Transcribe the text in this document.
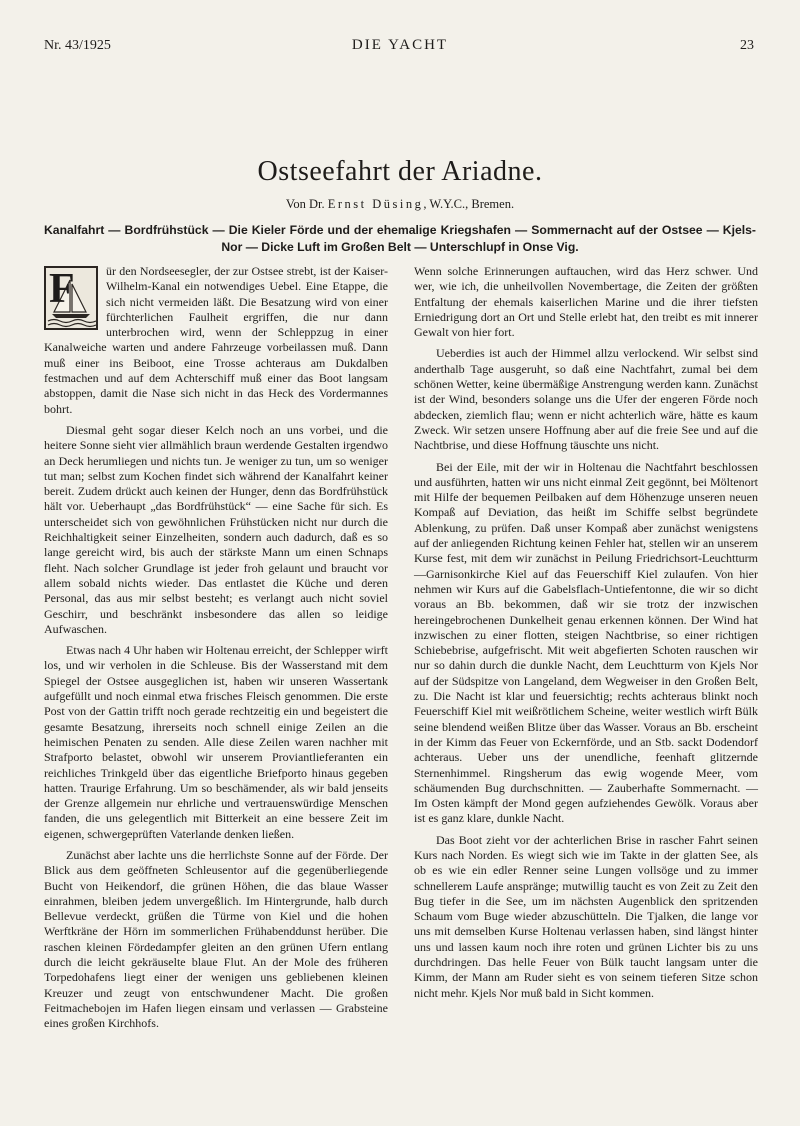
Nr. 43/1925	DIE YACHT	23
Ostseefahrt der Ariadne.
Von Dr. Ernst Düsing, W.Y.C., Bremen.
Kanalfahrt — Bordfrühstück — Die Kieler Förde und der ehemalige Kriegshafen — Sommernacht auf der Ostsee — Kjels-Nor — Dicke Luft im Großen Belt — Unterschlupf in Onse Vig.
F	ür den Nordseesegler, der zur Ostsee strebt, ist der Kaiser-Wilhelm-Kanal ein notwendiges Uebel. Eine Etappe, die sich nicht vermeiden läßt. Die Besatzung wird von einer fürchterlichen Faulheit ergriffen, die nur dann unterbrochen wird, wenn der Schleppzug in einer Kanalweiche warten und andere Fahrzeuge vorbeilassen muß. Dann muß einer ins Beiboot, eine Trosse achteraus am Dukdalben festmachen und auf dem Achterschiff muß einer das Boot langsam abstoppen, damit die Nase sich nicht in das Heck des Vordermannes bohrt.

Diesmal geht sogar dieser Kelch noch an uns vorbei, und die heitere Sonne sieht vier allmählich braun werdende Gestalten irgendwo an Deck herumliegen und nichts tun. Je weniger zu tun, um so weniger tut man; selbst zum Kochen findet sich während der Kanalfahrt keiner bereit. Zudem drückt auch keinen der Hunger, denn das Bordfrühstück hält vor. Ueberhaupt „das Bordfrühstück“ — eine Sache für sich. Es unterscheidet sich von gewöhnlichen Frühstücken nicht nur durch die Reichhaltigkeit seiner Einzelheiten, sondern auch dadurch, daß es so lange gereicht wird, bis auch der stärkste Mann um einen Schnaps fleht. Nach solcher Grundlage ist jeder froh gelaunt und braucht vor allem sobald nichts wieder. Das entlastet die Küche und deren Personal, das aus mir selbst besteht; es verlangt auch nicht soviel Geschirr, und beschränkt insbesondere das allen so leidige Aufwaschen.

Etwas nach 4 Uhr haben wir Holtenau erreicht, der Schlepper wirft los, und wir verholen in die Schleuse. Bis der Wasserstand mit dem Spiegel der Ostsee ausgeglichen ist, haben wir unseren Wassertank aufgefüllt und noch einmal etwa frisches Fleisch genommen. Die erste Post von der Gattin trifft noch gerade rechtzeitig ein und begeistert die gesamte Besatzung, ihrerseits noch schnell einige Zeilen an die heimischen Penaten zu senden. Alle diese Zeilen waren nachher mit Strafporto belastet, obwohl wir unserem Proviantlieferanten ein reichliches Trinkgeld über das eigentliche Briefporto hinaus gegeben hatten. Traurige Erfahrung. Um so beschämender, als wir bald jenseits der Grenze allgemein nur ehrliche und vertrauenswürdige Menschen fanden, die uns gelegentlich mit Bitterkeit an eine bessere Zeit im eigenen, schwergeprüften Vaterlande denken ließen.

Zunächst aber lachte uns die herrlichste Sonne auf der Förde. Der Blick aus dem geöffneten Schleusentor auf die gegenüberliegende Bucht von Heikendorf, die grünen Höhen, die das blaue Wasser einrahmen, bleiben jedem unvergeßlich. Im Hintergrunde, halb durch Bellevue verdeckt, grüßen die Türme von Kiel und die hohen Werftkräne der Hörn im sommerlichen Frühabenddunst herüber. Die raschen kleinen Fördedampfer gleiten an den grünen Ufern entlang durch die leicht gekräuselte blaue Flut. An der Mole des früheren Torpedohafens liegt einer der wenigen uns gebliebenen kleinen Kreuzer und zeugt von entschwundener Macht. Die großen Feitmachebojen im Hafen liegen einsam und verlassen — Grabsteine eines großen Kirchhofs.

Wenn solche Erinnerungen auftauchen, wird das Herz schwer. Und wer, wie ich, die unheilvollen Novembertage, die Zeiten der größten Entfaltung der ehemals kaiserlichen Marine und die ihrer tiefsten Erniedrigung dort an Ort und Stelle erlebt hat, den treibt es mit innerer Gewalt von hier fort.

Ueberdies ist auch der Himmel allzu verlockend. Wir selbst sind anderthalb Tage ausgeruht, so daß eine Nachtfahrt, zumal bei dem schönen Wetter, keine übermäßige Anstrengung werden kann. Zunächst ist der Wind, besonders solange uns die Ufer der engeren Förde noch abdecken, ziemlich flau; wenn er nicht achterlich wäre, hätte es kaum Zweck. Wir setzen unsere Hoffnung aber auf die freie See und auf die Nachtbrise, und diese Hoffnung täuschte uns nicht.

Bei der Eile, mit der wir in Holtenau die Nachtfahrt beschlossen und ausführten, hatten wir uns nicht einmal Zeit gegönnt, bei Möltenort mit Hilfe der bequemen Peilbaken auf dem Höhenzuge unseren neuen Kompaß auf Deviation, das heißt im Schiffe selbst begründete Ablenkung, zu prüfen. Daß unser Kompaß aber zunächst wenigstens auf der anliegenden Richtung keinen Fehler hat, stellen wir an unserem Kurse fest, mit dem wir zunächst in Peilung Friedrichsort-Leuchtturm—Garnisonkirche Kiel auf das Feuerschiff Kiel zulaufen. Von hier nehmen wir Kurs auf die Gabelsflach-Untiefentonne, die wir so dicht voraus an Bb. bekommen, daß wir sie trotz der inzwischen hereingebrochenen Dunkelheit genau erkennen können. Der Wind hat inzwischen zu einer flotten, steigen Nachtbrise, so einer richtigen Schiebebrise, aufgefrischt. Mit weit abgefierten Schoten rauschen wir nur so dahin durch die dunkle Nacht, dem Leuchtturm von Kjels Nor auf der Südspitze von Langeland, dem Wegweiser in den Großen Belt, zu. Die Nacht ist klar und feuersichtig; rechts achteraus blinkt noch Feuerschiff Kiel mit weißrötlichem Scheine, weiter westlich wirft Bülk seine blendend weißen Blitze über das Wasser. Voraus an Bb. erscheint in der Kimm das Feuer von Eckernförde, und an Stb. sackt Dodendorf achteraus. Ueber uns der unendliche, feenhaft glitzernde Sternenhimmel. Ringsherum das ewig wogende Meer, vom schäumenden Bug durchschnitten. — Zauberhafte Sommernacht. — Im Osten kämpft der Mond gegen aufziehendes Gewölk. Voraus aber ist es ganz klare, dunkle Nacht.

Das Boot zieht vor der achterlichen Brise in rascher Fahrt seinen Kurs nach Norden. Es wiegt sich wie im Takte in der glatten See, als ob es wie ein edler Renner seine Lungen vollsöge und zu immer schnellerem Laufe anspränge; mutwillig taucht es von Zeit zu Zeit den Bug tiefer in die See, um im nächsten Augenblick den spritzenden Schaum vom Buge wieder abzuschütteln. Die Tjalken, die lange vor uns mit demselben Kurse Holtenau verlassen haben, sind längst hinter uns und lassen kaum noch ihre roten und grünen Lichter bis zu uns durchdringen. Das helle Feuer von Bülk taucht langsam unter die Kimm, der Mann am Ruder sieht es von seinem tieferen Sitze schon nicht mehr. Kjels Nor muß bald in Sicht kommen.
